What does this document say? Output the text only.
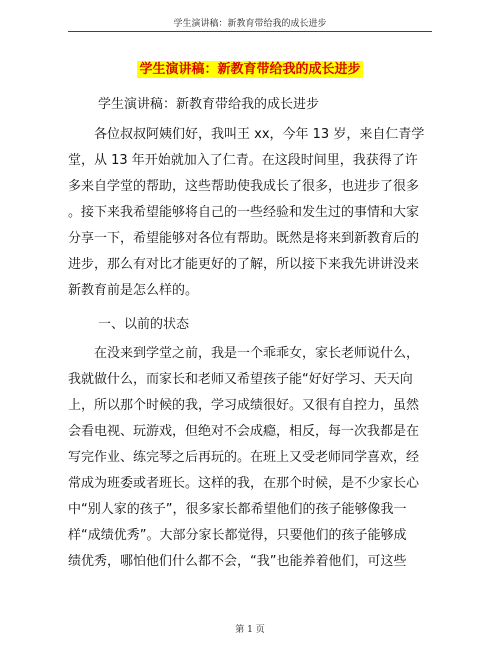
学生演讲稿：新教育带给我的成长进步
学生演讲稿：新教育带给我的成长进步
学生演讲稿：新教育带给我的成长进步
　　各位叔叔阿姨们好，我叫王 xx，今年 13 岁，来自仁青学
堂，从 13 年开始就加入了仁青。在这段时间里，我获得了许
多来自学堂的帮助，这些帮助使我成长了很多，也进步了很多
。接下来我希望能够将自己的一些经验和发生过的事情和大家
分享一下，希望能够对各位有帮助。既然是将来到新教育后的
进步，那么有对比才能更好的了解，所以接下来我先讲讲没来
新教育前是怎么样的。
一、以前的状态
　　在没来到学堂之前，我是一个乖乖女，家长老师说什么，
我就做什么，而家长和老师又希望孩子能“好好学习、天天向
上，所以那个时候的我，学习成绩很好。又很有自控力，虽然
会看电视、玩游戏，但绝对不会成瘾，相反，每一次我都是在
写完作业、练完琴之后再玩的。在班上又受老师同学喜欢，经
常成为班委或者班长。这样的我，在那个时候，是不少家长心
中“别人家的孩子”，很多家长都希望他们的孩子能够像我一
样“成绩优秀”。大部分家长都觉得，只要他们的孩子能够成
绩优秀，哪怕他们什么都不会，“我”也能养着他们，可这些
第 1 页
